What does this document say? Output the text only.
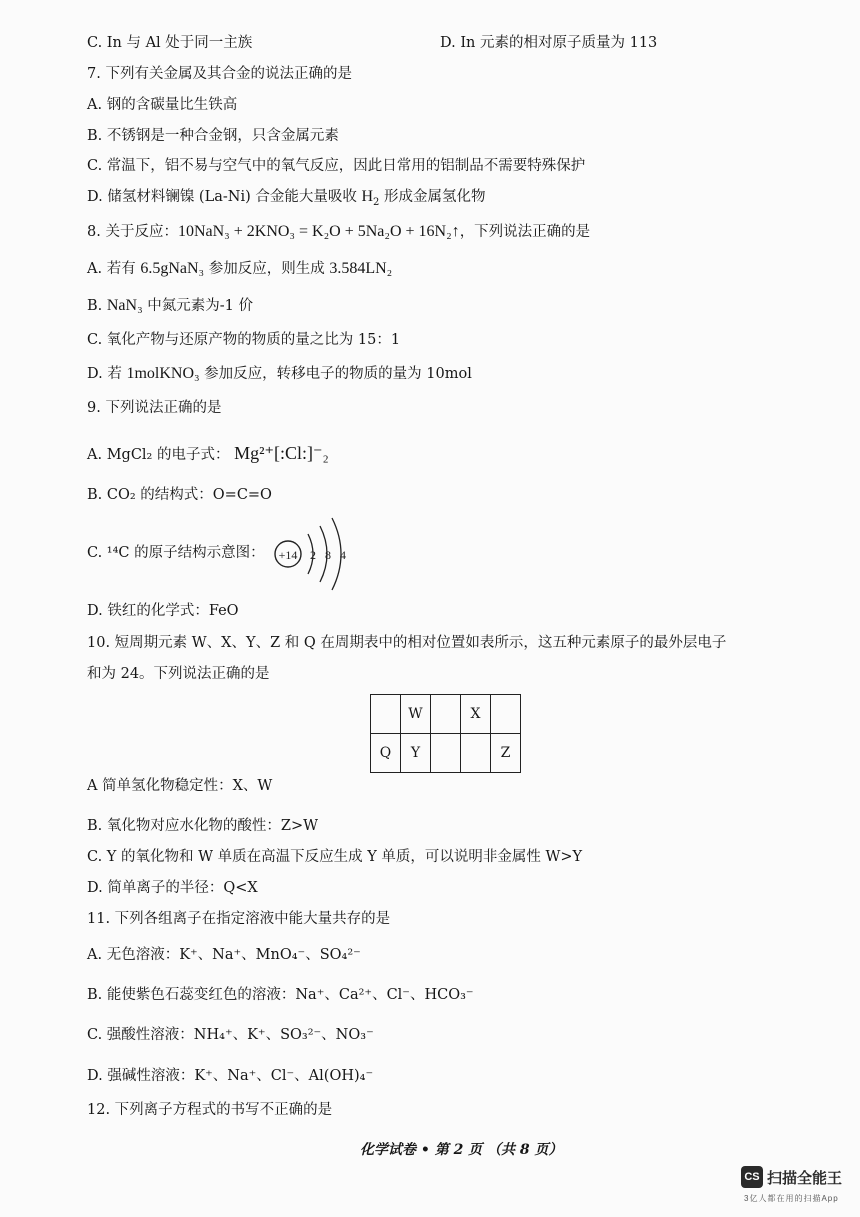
C. In 与 Al 处于同一主族	D. In 元素的相对原子质量为 113
7. 下列有关金属及其合金的说法正确的是
A. 钢的含碳量比生铁高
B. 不锈钢是一种合金钢，只含金属元素
C. 常温下，铝不易与空气中的氧气反应，因此日常用的铝制品不需要特殊保护
D. 储氢材料镧镍 (La-Ni) 合金能大量吸收 $H_2$ 形成金属氢化物
8. 关于反应：10NaN₃ + 2KNO₃ = K₂O + 5Na₂O + 16N₂↑，下列说法正确的是
A. 若有 6.5gNaN₃ 参加反应，则生成 3.584LN₂
B. NaN₃ 中氮元素为-1 价
C. 氧化产物与还原产物的物质的量之比为 15：1
D. 若 1molKNO₃ 参加反应，转移电子的物质的量为 10mol
9. 下列说法正确的是
A. MgCl₂ 的电子式： Mg²⁺[:Cl:]⁻₂
B. CO₂ 的结构式：O=C=O
C. ¹⁴C 的原子结构示意图： +14 2 8 4
D. 铁红的化学式：FeO
10. 短周期元素 W、X、Y、Z 和 Q 在周期表中的相对位置如表所示，这五种元素原子的最外层电子
和为 24。下列说法正确的是
	W		X	
Q	Y			Z
A 简单氢化物稳定性：X、W
B. 氧化物对应水化物的酸性：Z>W
C. Y 的氧化物和 W 单质在高温下反应生成 Y 单质，可以说明非金属性 W>Y
D. 简单离子的半径：Q<X
11. 下列各组离子在指定溶液中能大量共存的是
A. 无色溶液：K⁺、Na⁺、MnO₄⁻、SO₄²⁻
B. 能使紫色石蕊变红色的溶液：Na⁺、Ca²⁺、Cl⁻、HCO₃⁻
C. 强酸性溶液：NH₄⁺、K⁺、SO₃²⁻、NO₃⁻
D. 强碱性溶液：K⁺、Na⁺、Cl⁻、Al(OH)₄⁻
12. 下列离子方程式的书写不正确的是
化学试卷 • 第 2 页 （共 8 页）
CS 扫描全能王
3亿人都在用的扫描App
